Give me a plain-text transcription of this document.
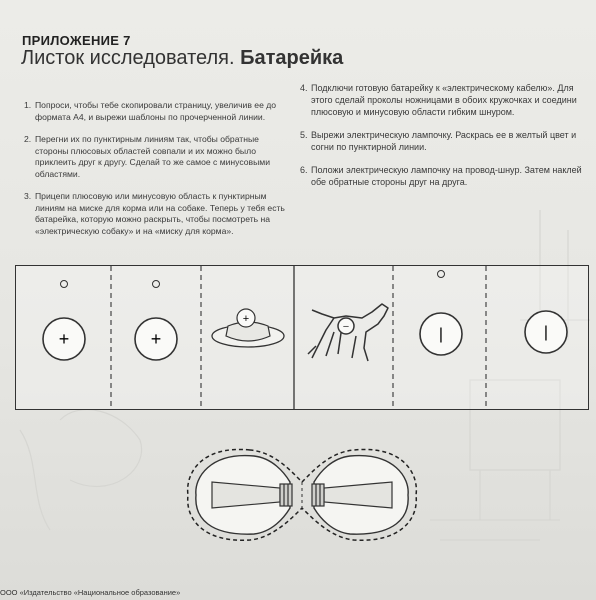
ПРИЛОЖЕНИЕ 7
Листок исследователя. Батарейка

1. Попроси, чтобы тебе скопировали страницу, увеличив ее до формата А4, и вырежи шаблоны по прочерченной линии.

2. Перегни их по пунктирным линиям так, чтобы обратные стороны плюсовых областей совпали и их можно было приклеить друг к другу. Сделай то же самое с минусовыми областями.

3. Прицепи плюсовую или минусовую область к пунктирным линиям на миске для корма или на собаке. Теперь у тебя есть батарейка, которую можно раскрыть, чтобы посмотреть на «электрическую собаку» и на «миску для корма».

4. Подключи готовую батарейку к «электрическому кабелю». Для этого сделай проколы ножницами в обоих кружочках и соедини плюсовую и минусовую области гибким шнуром.

5. Вырежи электрическую лампочку. Раскрась ее в желтый цвет и согни по пунктирной линии.

6. Положи электрическую лампочку на провод-шнур. Затем наклей обе обратные стороны друг на друга.

+	+
+
−	|	|
ООО «Издательство «Национальное образование»
